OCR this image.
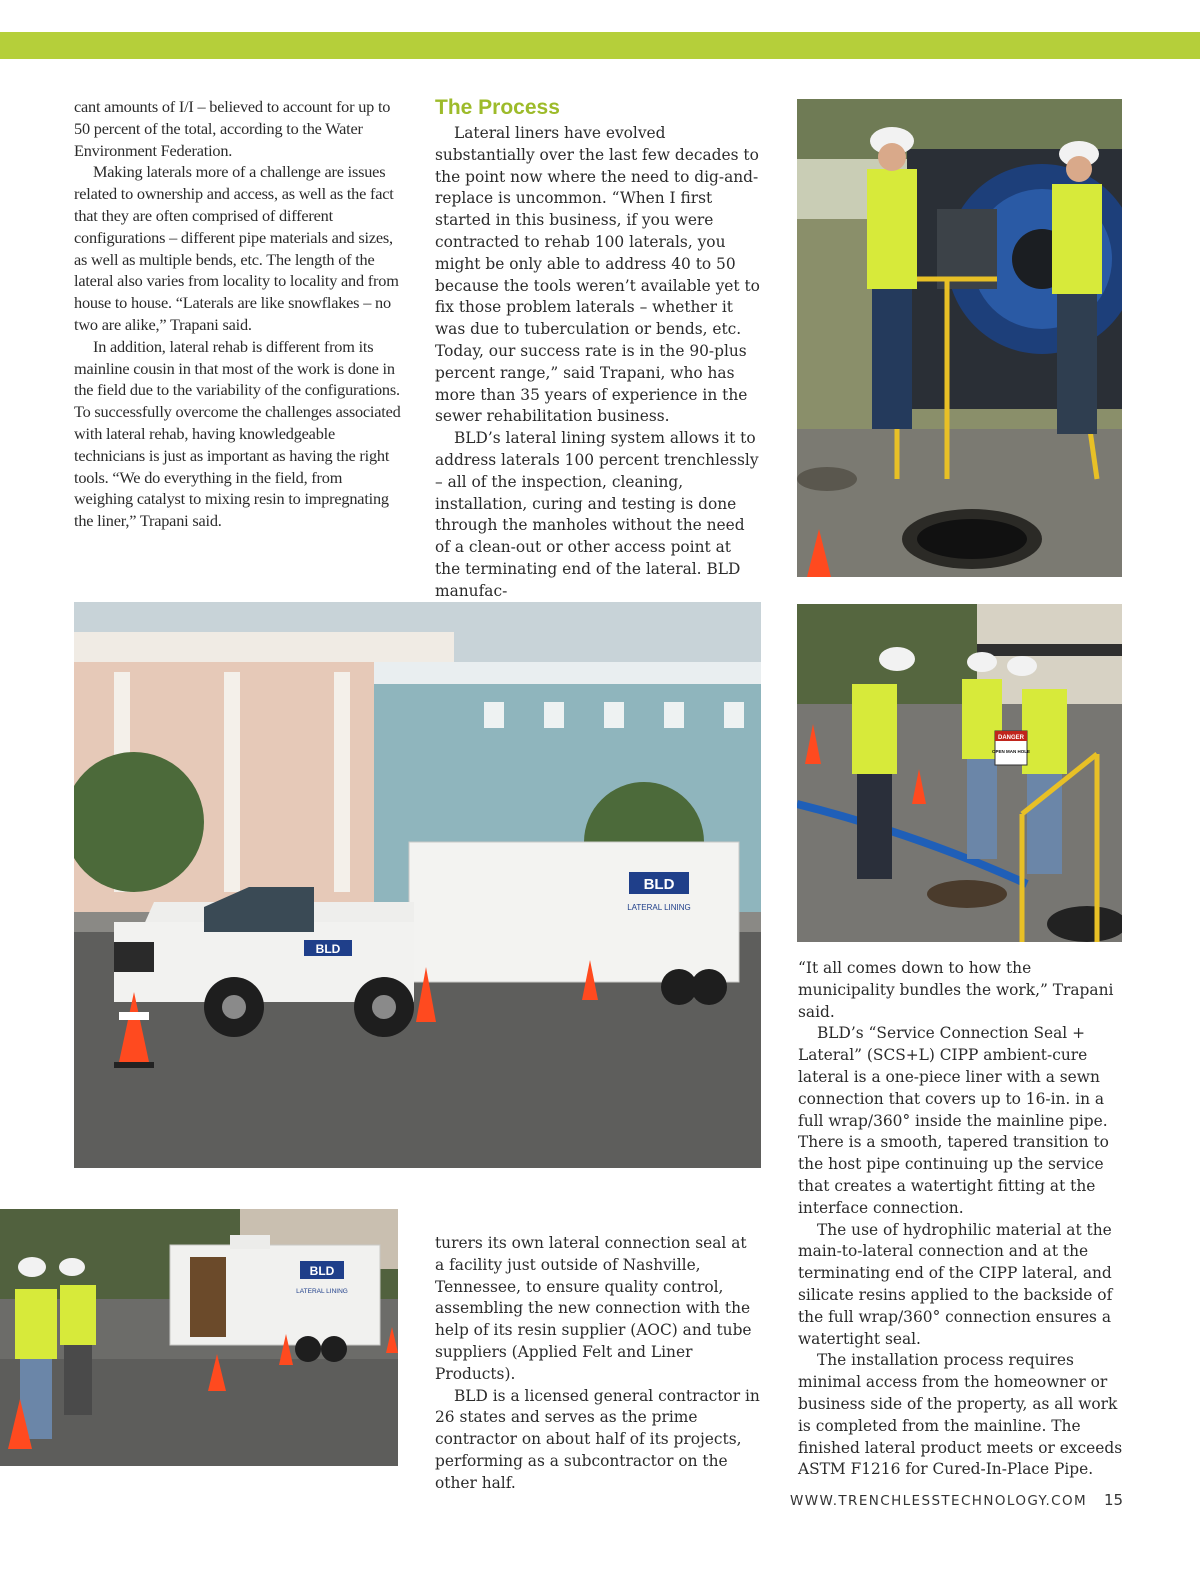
cant amounts of I/I – believed to account for up to 50 percent of the total, according to the Water Environment Federation.

Making laterals more of a challenge are issues related to ownership and access, as well as the fact that they are often comprised of different configurations – different pipe materials and sizes, as well as multiple bends, etc. The length of the lateral also varies from locality to locality and from house to house. “Laterals are like snowflakes – no two are alike,” Trapani said.

In addition, lateral rehab is different from its mainline cousin in that most of the work is done in the field due to the variability of the configurations. To successfully overcome the challenges associated with lateral rehab, having knowledgeable technicians is just as important as having the right tools. “We do everything in the field, from weighing catalyst to mixing resin to impregnating the liner,” Trapani said.

The Process

Lateral liners have evolved substantially over the last few decades to the point now where the need to dig-and-replace is uncommon. “When I first started in this business, if you were contracted to rehab 100 laterals, you might be only able to address 40 to 50 because the tools weren’t available yet to fix those problem laterals – whether it was due to tuberculation or bends, etc. Today, our success rate is in the 90-plus percent range,” said Trapani, who has more than 35 years of experience in the sewer rehabilitation business.

BLD’s lateral lining system allows it to address laterals 100 percent trenchlessly – all of the inspection, cleaning, installation, curing and testing is done through the manholes without the need of a clean-out or other access point at the terminating end of the lateral. BLD manufac-

BLD
BLD
LATERAL LINING
DANGER
OPEN MAN HOLE
BLD
LATERAL LINING

turers its own lateral connection seal at a facility just outside of Nashville, Tennessee, to ensure quality control, assembling the new connection with the help of its resin supplier (AOC) and tube suppliers (Applied Felt and Liner Products).

BLD is a licensed general contractor in 26 states and serves as the prime contractor on about half of its projects, performing as a subcontractor on the other half.

“It all comes down to how the municipality bundles the work,” Trapani said.

BLD’s “Service Connection Seal + Lateral” (SCS+L) CIPP ambient-cure lateral is a one-piece liner with a sewn connection that covers up to 16-in. in a full wrap/360° inside the mainline pipe. There is a smooth, tapered transition to the host pipe continuing up the service that creates a watertight fitting at the interface connection.

The use of hydrophilic material at the main-to-lateral connection and at the terminating end of the CIPP lateral, and silicate resins applied to the backside of the full wrap/360° connection ensures a watertight seal.

The installation process requires minimal access from the homeowner or business side of the property, as all work is completed from the mainline. The finished lateral product meets or exceeds ASTM F1216 for Cured-In-Place Pipe.

WWW.TRENCHLESSTECHNOLOGY.COM 15
